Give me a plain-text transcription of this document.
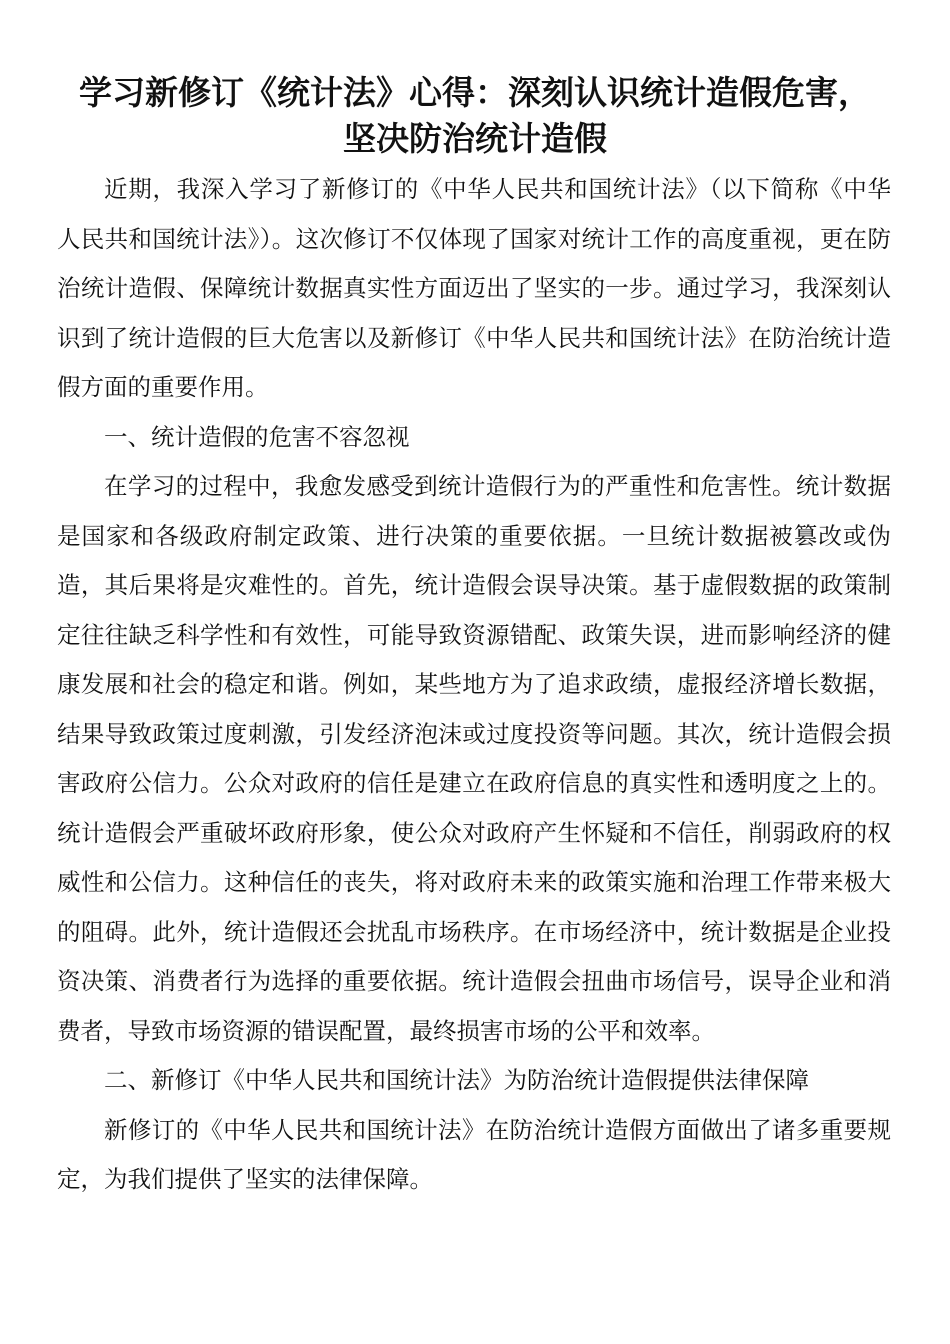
学习新修订《统计法》心得：深刻认识统计造假危害，
坚决防治统计造假

近期，我深入学习了新修订的《中华人民共和国统计法》（以下简称《中华人民共和国统计法》）。这次修订不仅体现了国家对统计工作的高度重视，更在防治统计造假、保障统计数据真实性方面迈出了坚实的一步。通过学习，我深刻认识到了统计造假的巨大危害以及新修订《中华人民共和国统计法》在防治统计造假方面的重要作用。

一、统计造假的危害不容忽视

在学习的过程中，我愈发感受到统计造假行为的严重性和危害性。统计数据是国家和各级政府制定政策、进行决策的重要依据。一旦统计数据被篡改或伪造，其后果将是灾难性的。首先，统计造假会误导决策。基于虚假数据的政策制定往往缺乏科学性和有效性，可能导致资源错配、政策失误，进而影响经济的健康发展和社会的稳定和谐。例如，某些地方为了追求政绩，虚报经济增长数据，结果导致政策过度刺激，引发经济泡沫或过度投资等问题。其次，统计造假会损害政府公信力。公众对政府的信任是建立在政府信息的真实性和透明度之上的。统计造假会严重破坏政府形象，使公众对政府产生怀疑和不信任，削弱政府的权威性和公信力。这种信任的丧失，将对政府未来的政策实施和治理工作带来极大的阻碍。此外，统计造假还会扰乱市场秩序。在市场经济中，统计数据是企业投资决策、消费者行为选择的重要依据。统计造假会扭曲市场信号，误导企业和消费者，导致市场资源的错误配置，最终损害市场的公平和效率。

二、新修订《中华人民共和国统计法》为防治统计造假提供法律保障

新修订的《中华人民共和国统计法》在防治统计造假方面做出了诸多重要规定，为我们提供了坚实的法律保障。
